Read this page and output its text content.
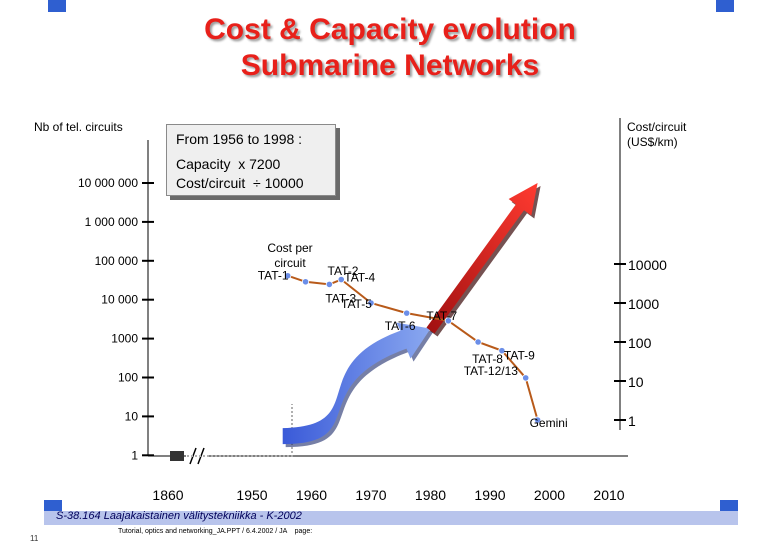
Cost & Capacity evolution
Submarine Networks
Nb of tel. circuits
10 000 000
1 000 000
100 000
10 000
1000
100
10
1
Cost/circuit
(US$/km)
10000
1000
100
10
1
1860	1950 1960 1970 1980 1990 2000 2010
TAT-1	TAT-2
TAT-3
TAT-4
TAT-5
TAT-6
TAT-7
TAT-8 TAT-9
TAT-12/13
Gemini
Cost per
circuit
From 1956 to 1998 :
Capacity  x 7200
Cost/circuit  ÷ 10000
S-38.164 Laajakaistainen välitystekniikka - K-2002
Tutorial, optics and networking_JA.PPT / 6.4.2002 / JA    page:
11
